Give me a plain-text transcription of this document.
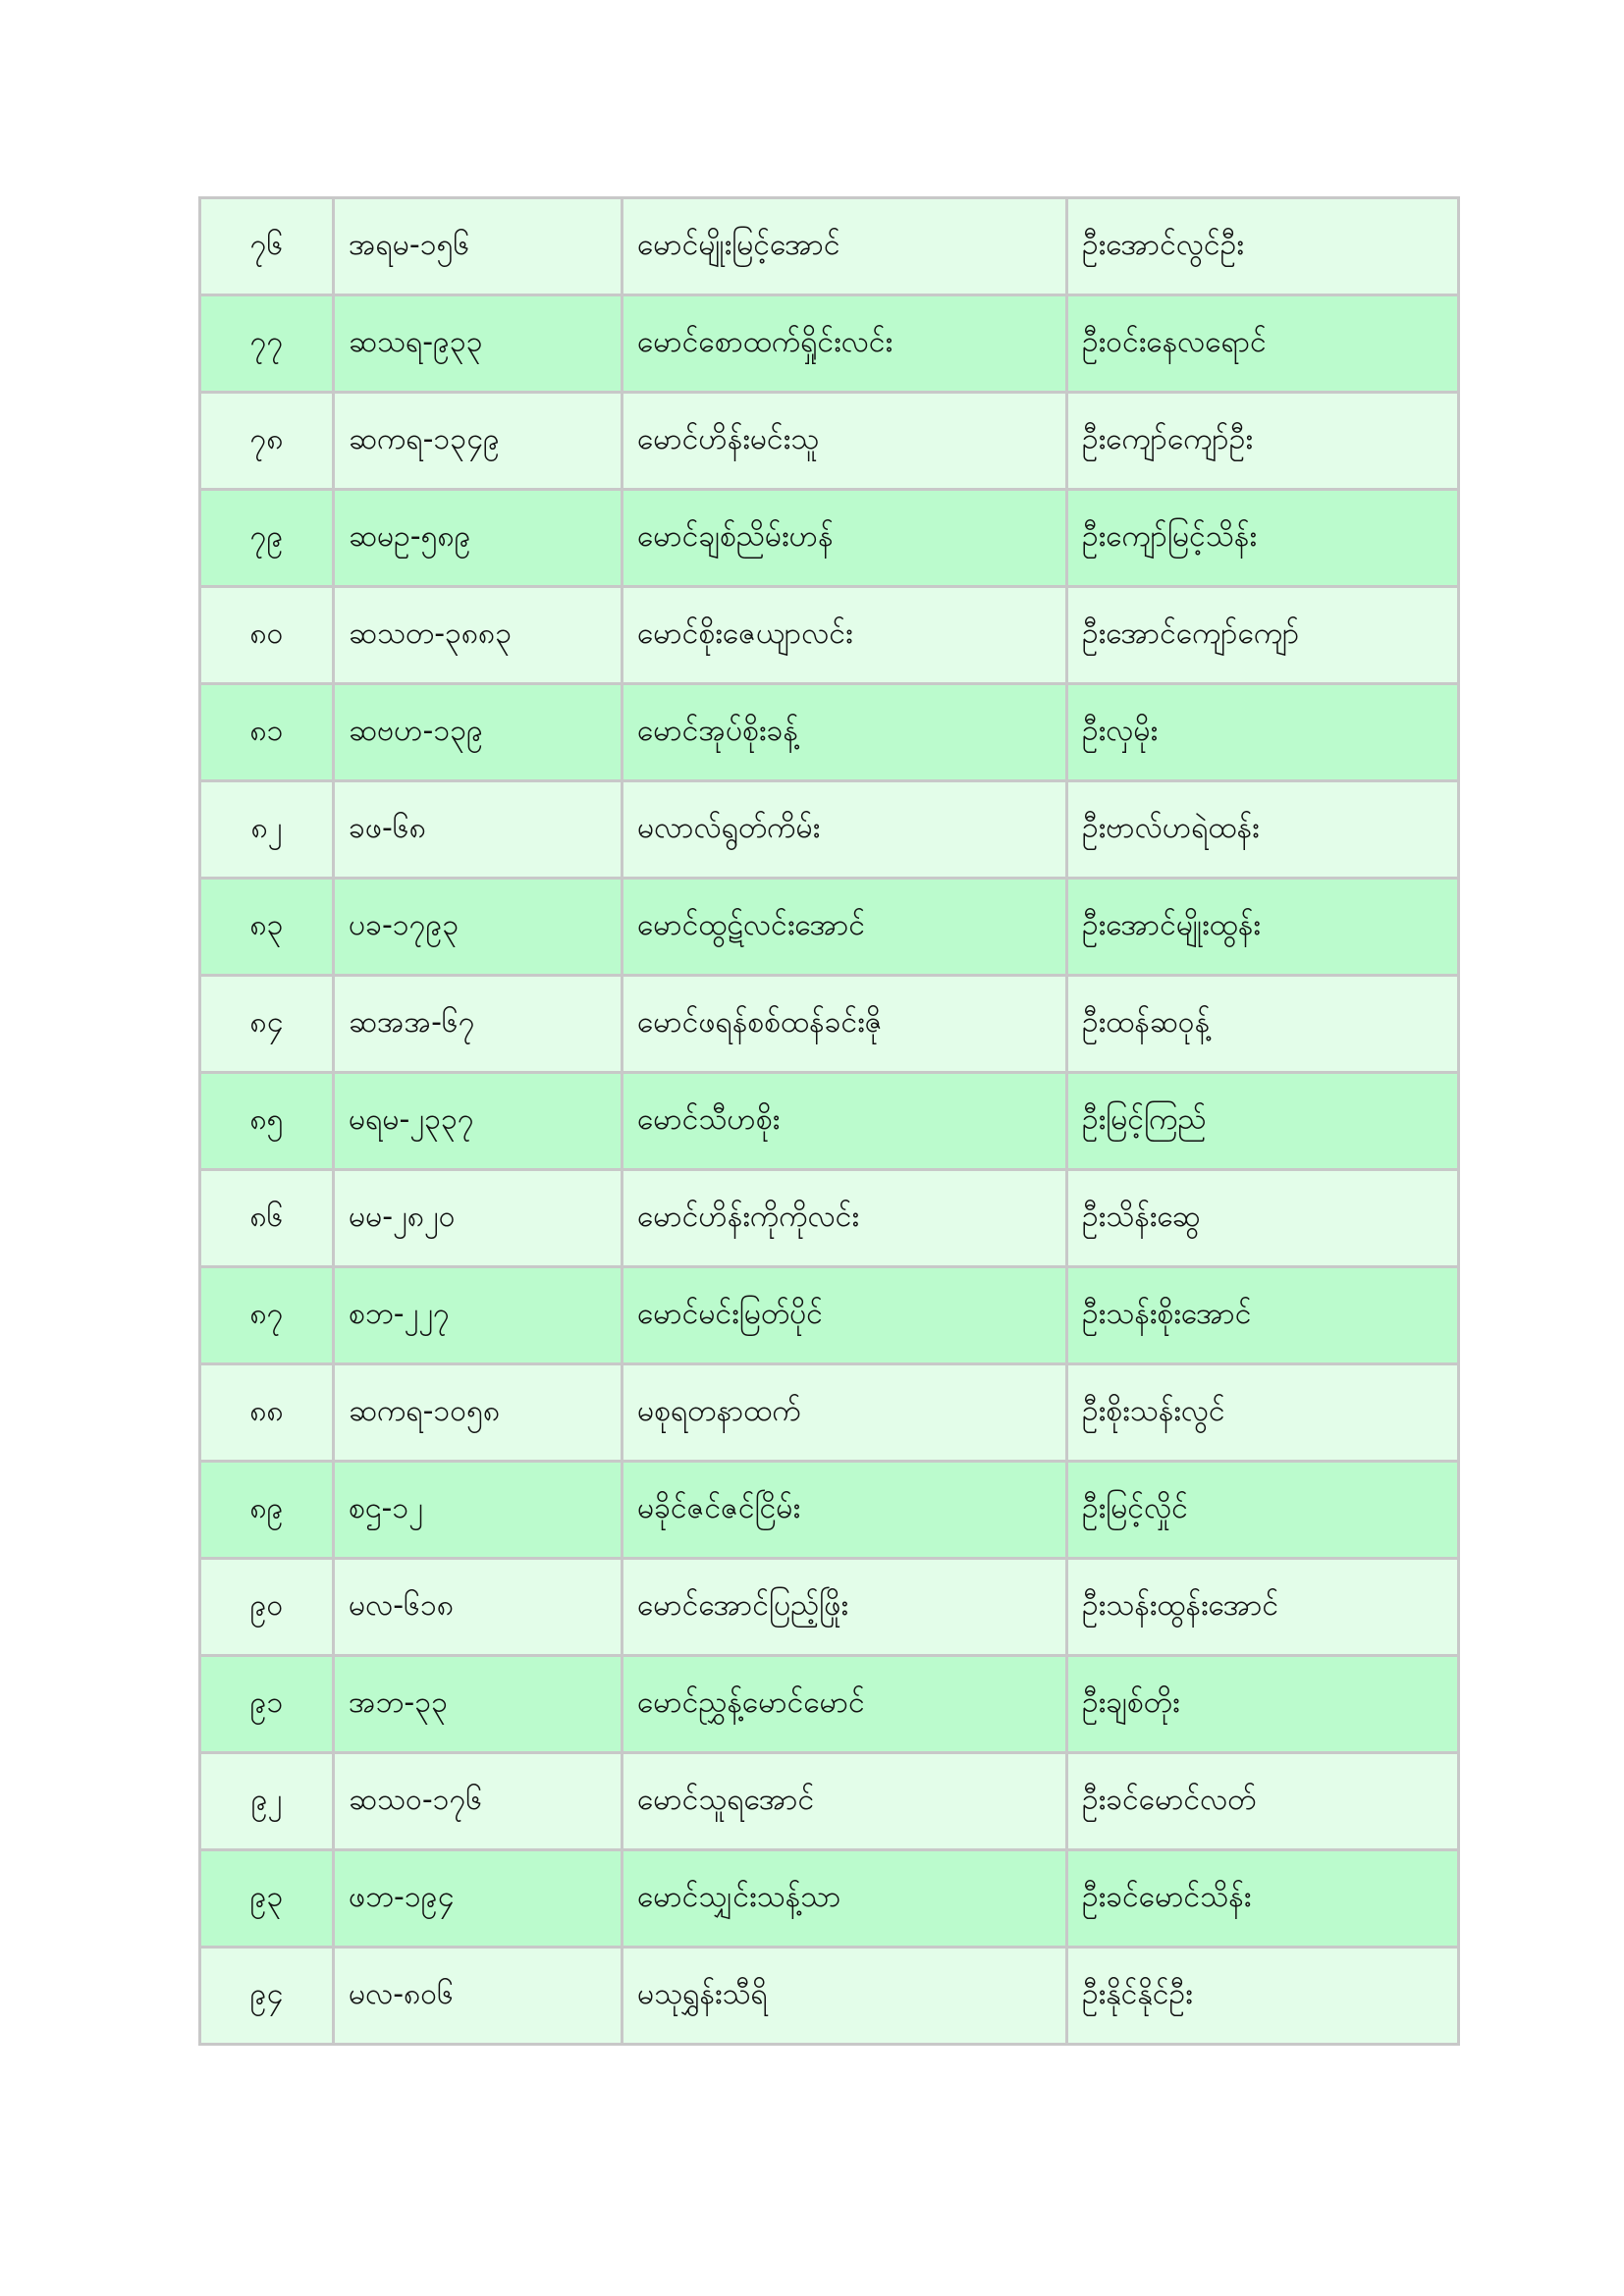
၇၆	အရမ-၁၅၆	မောင်မျိုးမြင့်အောင်	ဦးအောင်လွင်ဦး
၇၇	ဆသရ-၉၃၃	မောင်စောထက်ရှိုင်းလင်း	ဦးဝင်းနေလရောင်
၇၈	ဆကရ-၁၃၄၉	မောင်ဟိန်းမင်းသူ	ဦးကျော်ကျော်ဦး
၇၉	ဆမဥ-၅၈၉	မောင်ချစ်ညိမ်းဟန်	ဦးကျော်မြင့်သိန်း
၈၀	ဆသတ-၃၈၈၃	မောင်စိုးဇေယျာလင်း	ဦးအောင်ကျော်ကျော်
၈၁	ဆဗဟ-၁၃၉	မောင်အုပ်စိုးခန့်	ဦးလှမိုး
၈၂	ခဖ-၆၈	မလာလ်ရွတ်ကိမ်း	ဦးဗာလ်ဟရဲထန်း
၈၃	ပခ-၁၇၉၃	မောင်ထွဋ်လင်းအောင်	ဦးအောင်မျိုးထွန်း
၈၄	ဆအအ-၆၇	မောင်ဖရန်စစ်ထန်ခင်းဇို	ဦးထန်ဆဝုန့်
၈၅	မရမ-၂၃၃၇	မောင်သီဟစိုး	ဦးမြင့်ကြည်
၈၆	မမ-၂၈၂၀	မောင်ဟိန်းကိုကိုလင်း	ဦးသိန်းဆွေ
၈၇	စဘ-၂၂၇	မောင်မင်းမြတ်ပိုင်	ဦးသန်းစိုးအောင်
၈၈	ဆကရ-၁၀၅၈	မစုရတနာထက်	ဦးစိုးသန်းလွင်
၈၉	စဌ-၁၂	မခိုင်ဇင်ဇင်ငြိမ်း	ဦးမြင့်လှိုင်
၉၀	မလ-၆၁၈	မောင်အောင်ပြည့်ဖြိုး	ဦးသန်းထွန်းအောင်
၉၁	အဘ-၃၃	မောင်ညွှန့်မောင်မောင်	ဦးချစ်တိုး
၉၂	ဆသဝ-၁၇၆	မောင်သူရအောင်	ဦးခင်မောင်လတ်
၉၃	ဖဘ-၁၉၄	မောင်သျှင်းသန့်သာ	ဦးခင်မောင်သိန်း
၉၄	မလ-၈၀၆	မသုရွှန်းသီရိ	ဦးနိုင်နိုင်ဦး
